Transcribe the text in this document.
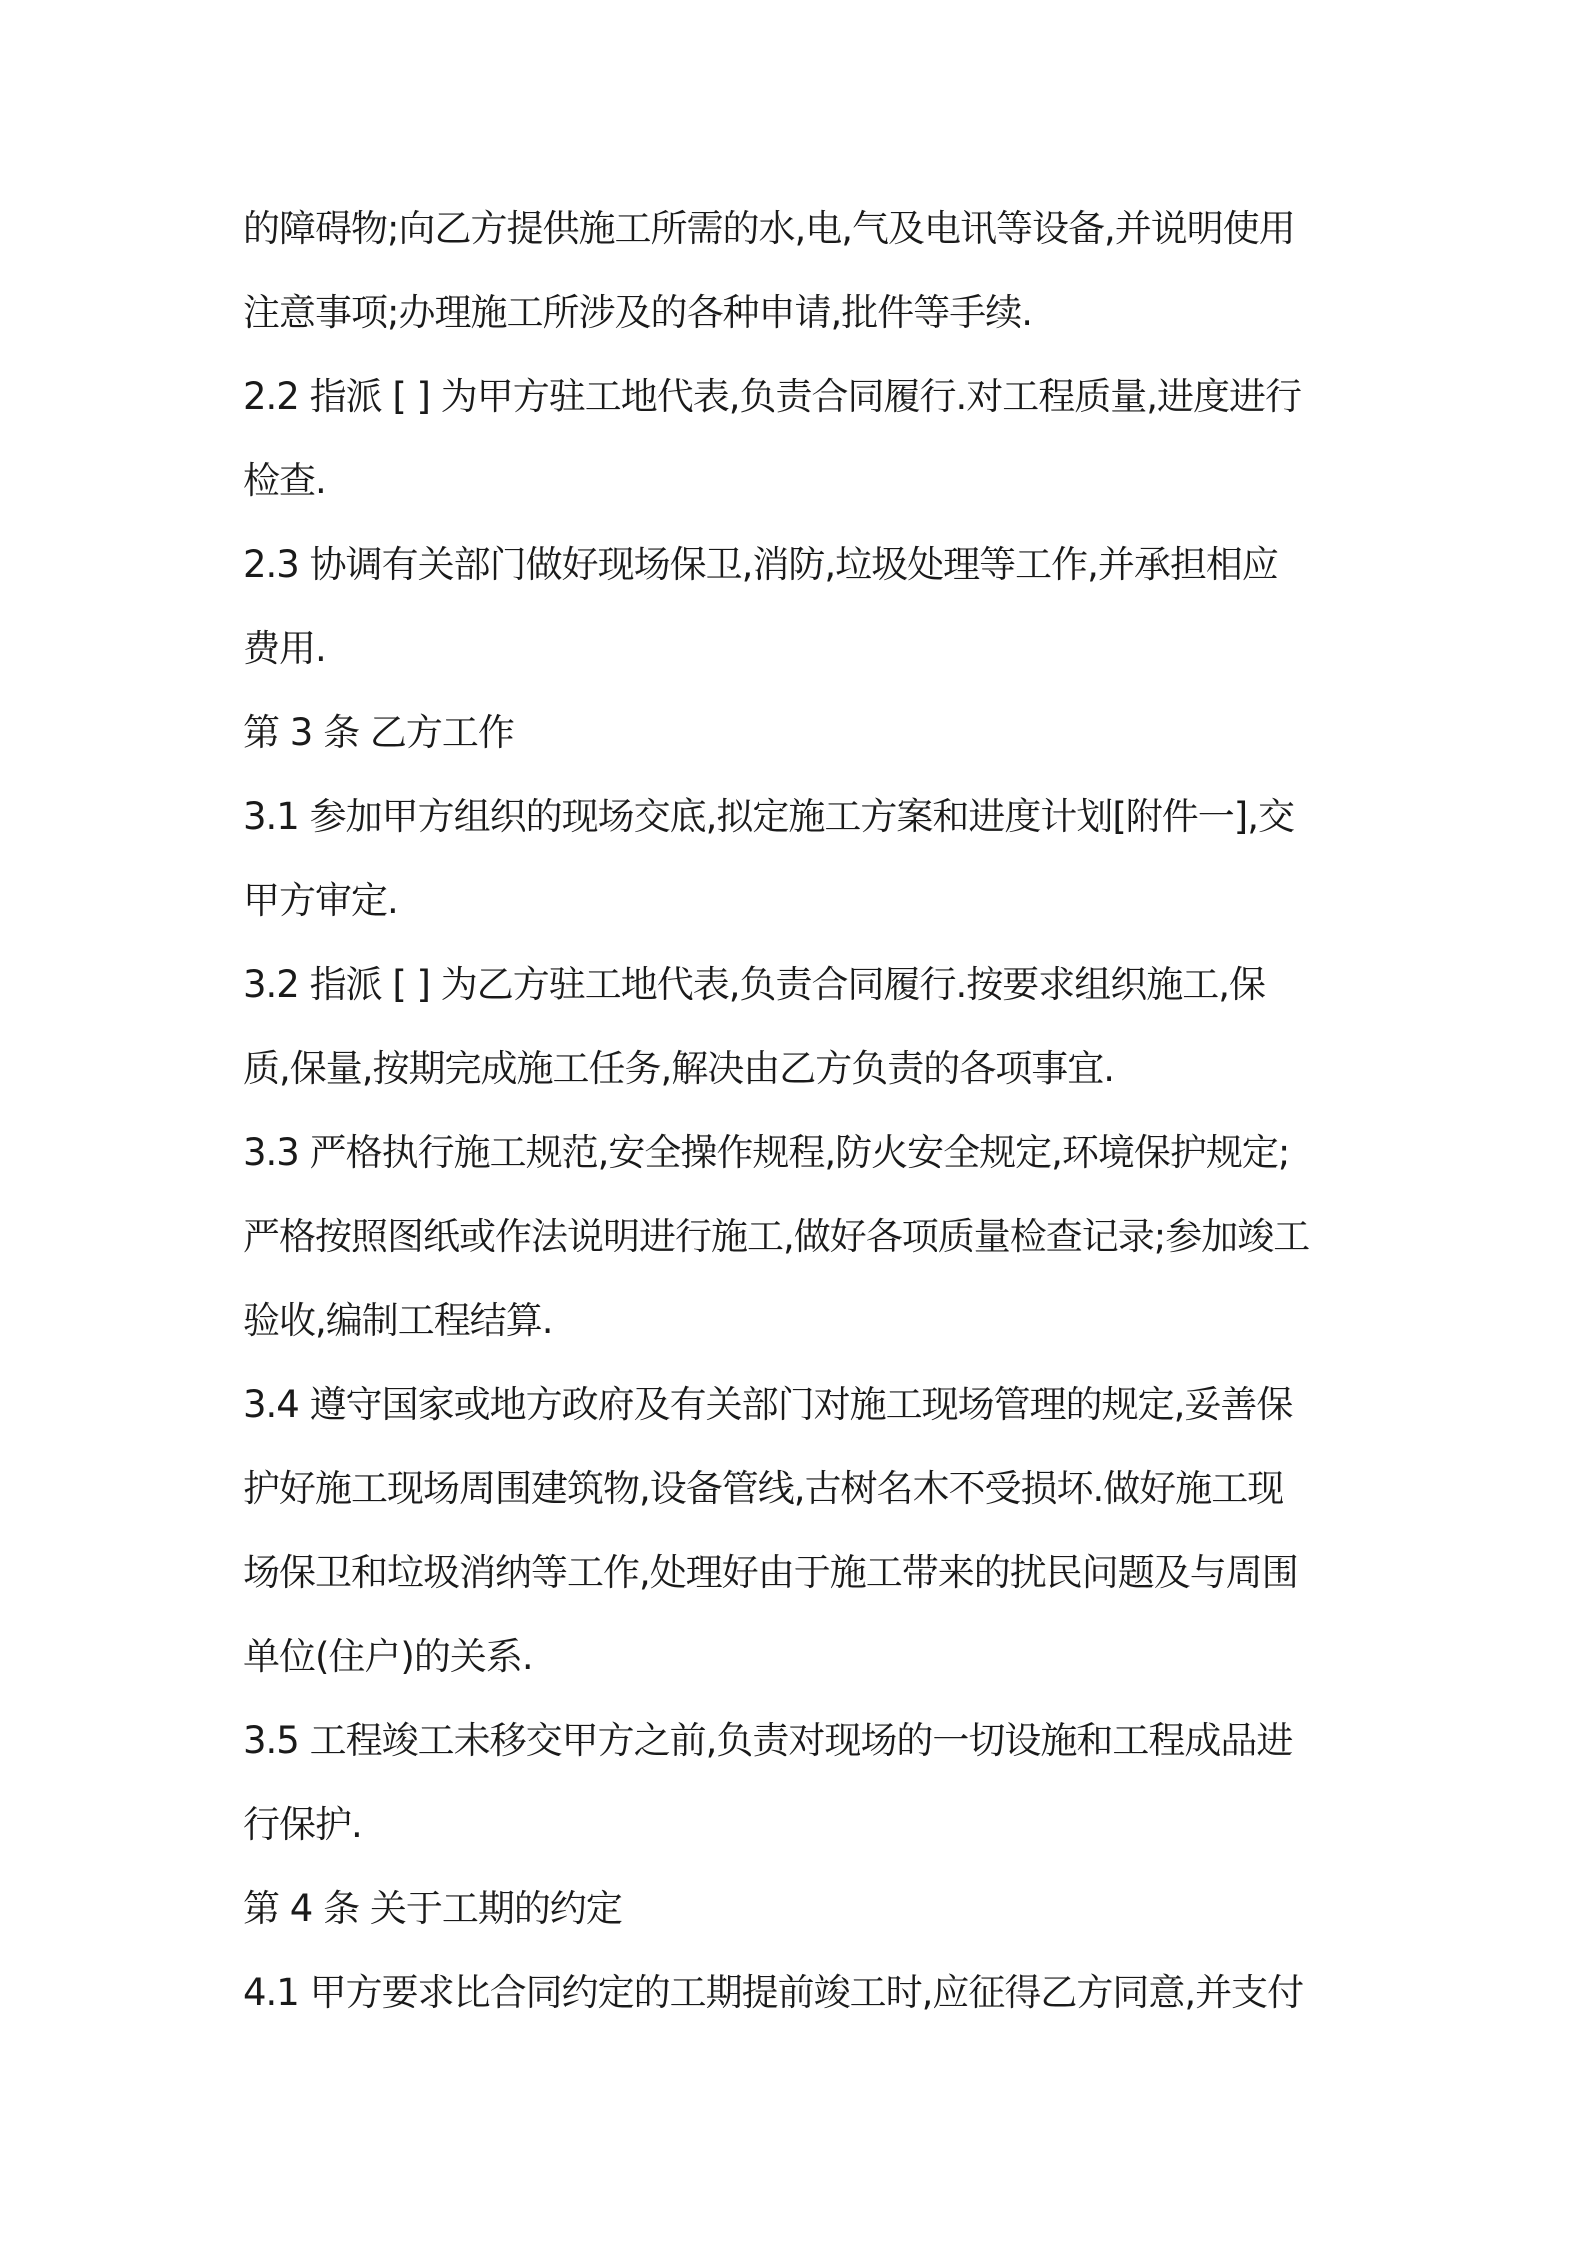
的障碍物;向乙方提供施工所需的水,电,气及电讯等设备,并说明使用
注意事项;办理施工所涉及的各种申请,批件等手续.
2.2 指派 [ ] 为甲方驻工地代表,负责合同履行.对工程质量,进度进行
检查.
2.3 协调有关部门做好现场保卫,消防,垃圾处理等工作,并承担相应
费用.
第 3 条 乙方工作
3.1 参加甲方组织的现场交底,拟定施工方案和进度计划[附件一],交
甲方审定.
3.2 指派 [ ] 为乙方驻工地代表,负责合同履行.按要求组织施工,保
质,保量,按期完成施工任务,解决由乙方负责的各项事宜.
3.3 严格执行施工规范,安全操作规程,防火安全规定,环境保护规定;
严格按照图纸或作法说明进行施工,做好各项质量检查记录;参加竣工
验收,编制工程结算.
3.4 遵守国家或地方政府及有关部门对施工现场管理的规定,妥善保
护好施工现场周围建筑物,设备管线,古树名木不受损坏.做好施工现
场保卫和垃圾消纳等工作,处理好由于施工带来的扰民问题及与周围
单位(住户)的关系.
3.5 工程竣工未移交甲方之前,负责对现场的一切设施和工程成品进
行保护.
第 4 条 关于工期的约定
4.1 甲方要求比合同约定的工期提前竣工时,应征得乙方同意,并支付
